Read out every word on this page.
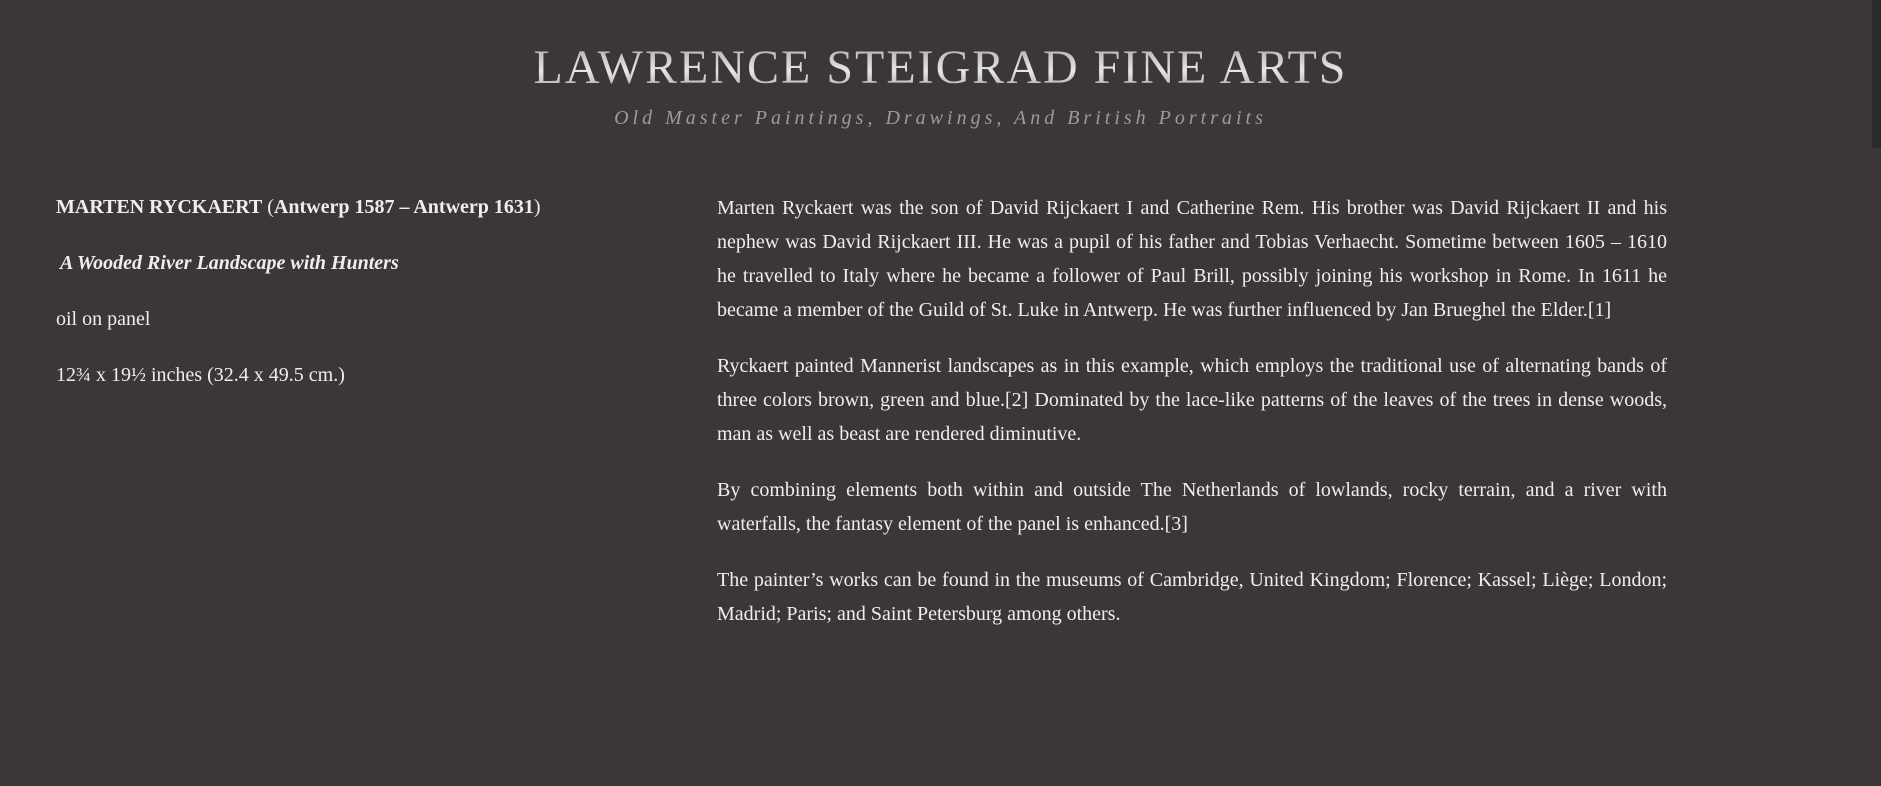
LAWRENCE STEIGRAD FINE ARTS

Old Master Paintings, Drawings, And British Portraits

MARTEN RYCKAERT (Antwerp 1587 – Antwerp 1631)

A Wooded River Landscape with Hunters

oil on panel

12¾ x 19½ inches (32.4 x 49.5 cm.)

Marten Ryckaert was the son of David Rijckaert I and Catherine Rem. His brother was David Rijckaert II and his nephew was David Rijckaert III. He was a pupil of his father and Tobias Verhaecht. Sometime between 1605 – 1610 he travelled to Italy where he became a follower of Paul Brill, possibly joining his workshop in Rome. In 1611 he became a member of the Guild of St. Luke in Antwerp. He was further influenced by Jan Brueghel the Elder.[1]

Ryckaert painted Mannerist landscapes as in this example, which employs the traditional use of alternating bands of three colors brown, green and blue.[2] Dominated by the lace-like patterns of the leaves of the trees in dense woods, man as well as beast are rendered diminutive.

By combining elements both within and outside The Netherlands of lowlands, rocky terrain, and a river with waterfalls, the fantasy element of the panel is enhanced.[3]

The painter’s works can be found in the museums of Cambridge, United Kingdom; Florence; Kassel; Liège; London; Madrid; Paris; and Saint Petersburg among others.
